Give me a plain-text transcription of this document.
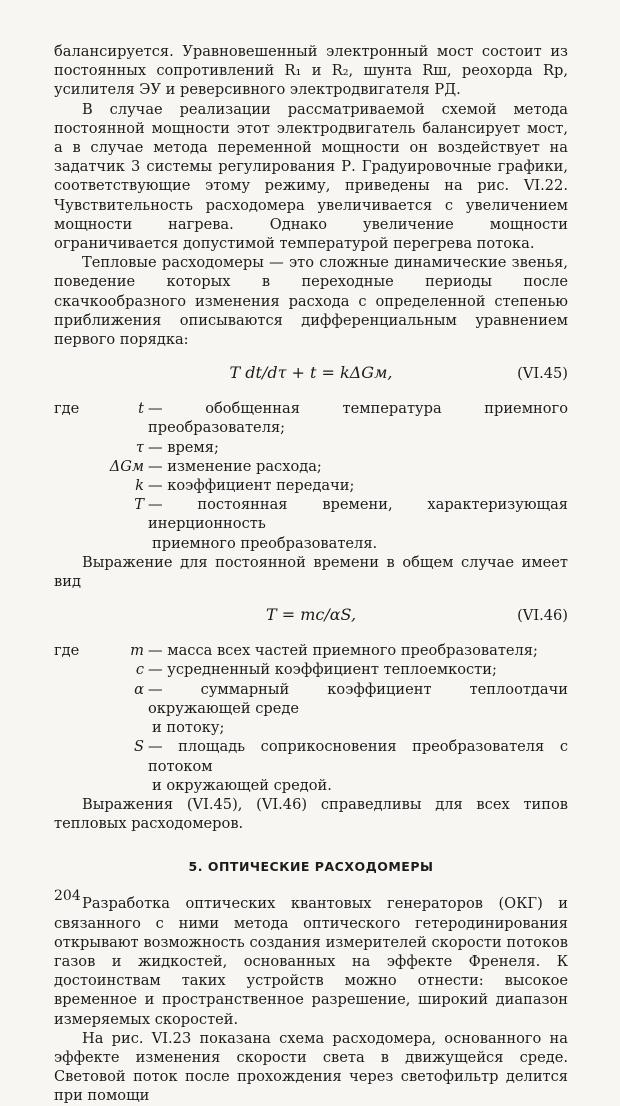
балансируется. Уравновешенный электронный мост состоит из постоянных сопротивлений R₁ и R₂, шунта Rш, реохорда Rр, усилителя ЭУ и реверсивного электродвигателя РД.

В случае реализации рассматриваемой схемой метода постоянной мощности этот электродвигатель балансирует мост, а в случае метода переменной мощности он воздействует на задатчик 3 системы регулирования Р. Градуировочные графики, соответствующие этому режиму, приведены на рис. VI.22. Чувствительность расходомера увеличивается с увеличением мощности нагрева. Однако увеличение мощности ограничивается допустимой температурой перегрева потока.

Тепловые расходомеры — это сложные динамические звенья, поведение которых в переходные периоды после скачкообразного изменения расхода с определенной степенью приближения описываются дифференциальным уравнением первого порядка:

T dt/dτ + t = kΔGм,	(VI.45)
где	t — обобщенная температура приемного преобразователя;
τ — время;
ΔGм — изменение расхода;
k — коэффициент передачи;
T — постоянная времени, характеризующая инерционность
приемного преобразователя.

Выражение для постоянной времени в общем случае имеет вид

T = mc/αS,	(VI.46)
где	m — масса всех частей приемного преобразователя;
c — усредненный коэффициент теплоемкости;
α — суммарный коэффициент теплоотдачи окружающей среде
и потоку;
S — площадь соприкосновения преобразователя с потоком
и окружающей средой.

Выражения (VI.45), (VI.46) справедливы для всех типов тепловых расходомеров.

5. ОПТИЧЕСКИЕ РАСХОДОМЕРЫ

Разработка оптических квантовых генераторов (ОКГ) и связанного с ними метода оптического гетеродинирования открывают возможность создания измерителей скорости потоков газов и жидкостей, основанных на эффекте Френеля. К достоинствам таких устройств можно отнести: высокое временное и пространственное разрешение, широкий диапазон измеряемых скоростей.

На рис. VI.23 показана схема расходомера, основанного на эффекте изменения скорости света в движущейся среде. Световой поток после прохождения через светофильтр делится при помощи

204
